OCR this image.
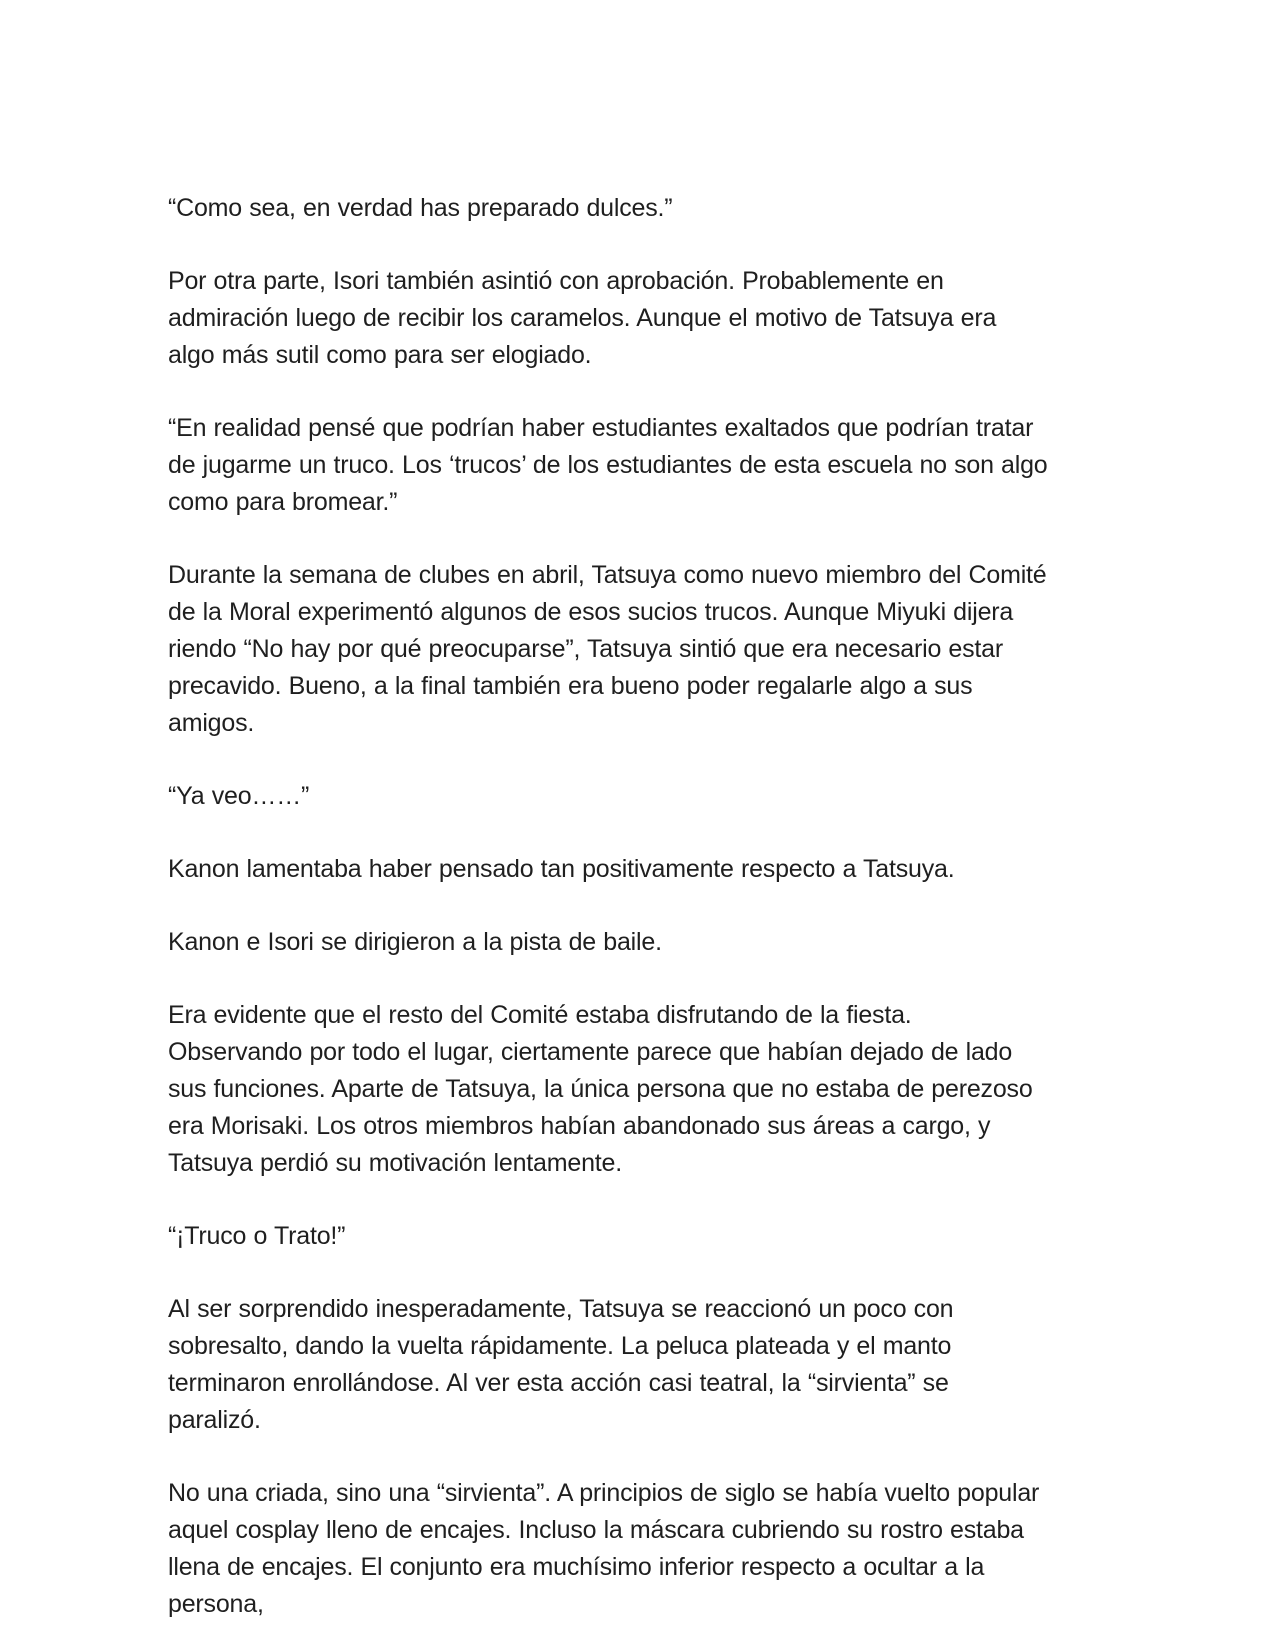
“Como sea, en verdad has preparado dulces.”

Por otra parte, Isori también asintió con aprobación. Probablemente en admiración luego de recibir los caramelos. Aunque el motivo de Tatsuya era algo más sutil como para ser elogiado.

“En realidad pensé que podrían haber estudiantes exaltados que podrían tratar de jugarme un truco. Los ‘trucos’ de los estudiantes de esta escuela no son algo como para bromear.”

Durante la semana de clubes en abril, Tatsuya como nuevo miembro del Comité de la Moral experimentó algunos de esos sucios trucos. Aunque Miyuki dijera riendo “No hay por qué preocuparse”, Tatsuya sintió que era necesario estar precavido. Bueno, a la final también era bueno poder regalarle algo a sus amigos.

“Ya veo……”

Kanon lamentaba haber pensado tan positivamente respecto a Tatsuya.

Kanon e Isori se dirigieron a la pista de baile.

Era evidente que el resto del Comité estaba disfrutando de la fiesta. Observando por todo el lugar, ciertamente parece que habían dejado de lado sus funciones. Aparte de Tatsuya, la única persona que no estaba de perezoso era Morisaki. Los otros miembros habían abandonado sus áreas a cargo, y Tatsuya perdió su motivación lentamente.

“¡Truco o Trato!”

Al ser sorprendido inesperadamente, Tatsuya se reaccionó un poco con sobresalto, dando la vuelta rápidamente. La peluca plateada y el manto terminaron enrollándose. Al ver esta acción casi teatral, la “sirvienta” se paralizó.

No una criada, sino una “sirvienta”. A principios de siglo se había vuelto popular aquel cosplay lleno de encajes. Incluso la máscara cubriendo su rostro estaba llena de encajes. El conjunto era muchísimo inferior respecto a ocultar a la persona,
